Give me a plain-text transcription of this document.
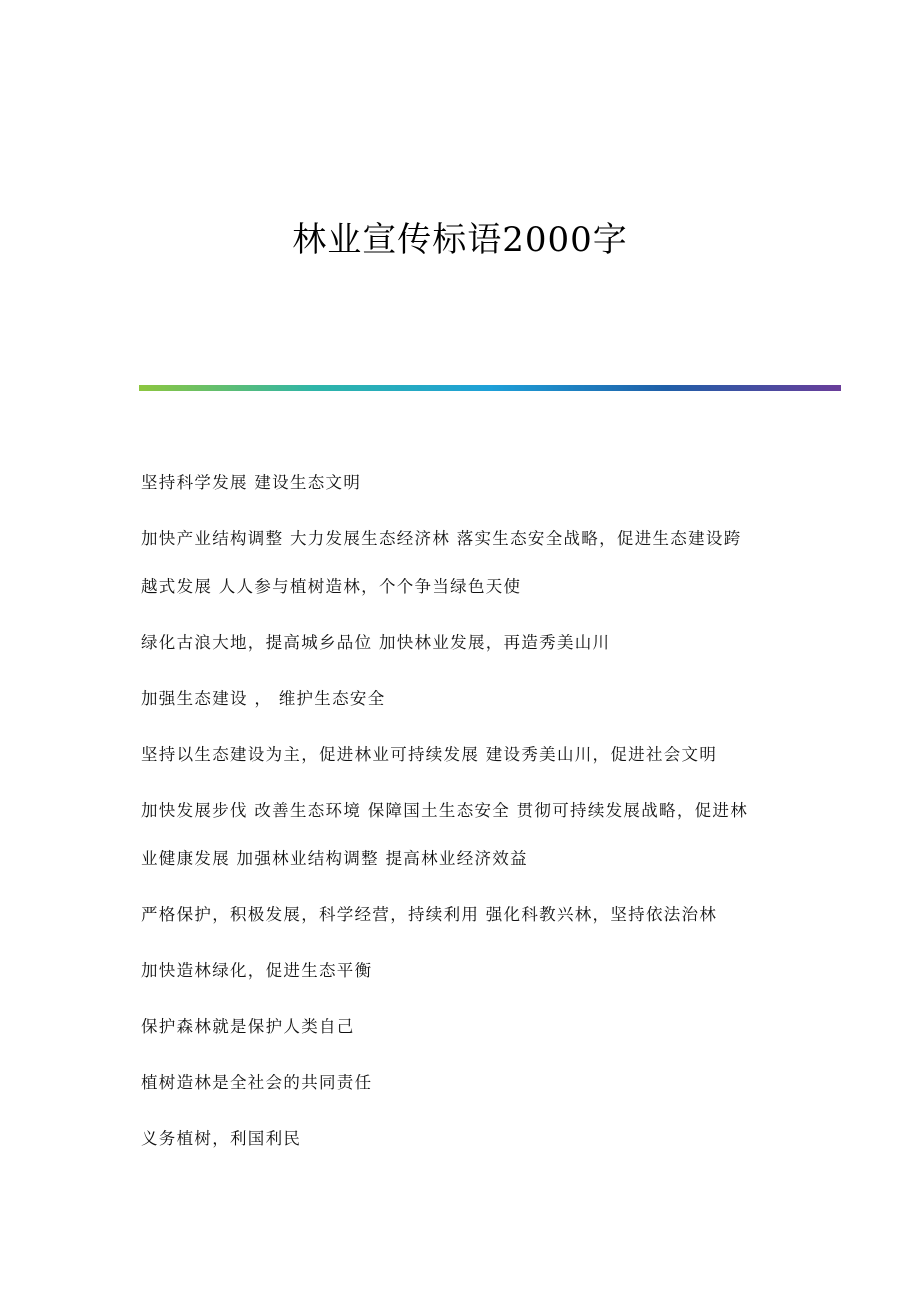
林业宣传标语2000字
坚持科学发展 建设生态文明
加快产业结构调整 大力发展生态经济林 落实生态安全战略，促进生态建设跨
越式发展 人人参与植树造林，个个争当绿色天使
绿化古浪大地，提高城乡品位 加快林业发展，再造秀美山川
加强生态建设 ， 维护生态安全
坚持以生态建设为主，促进林业可持续发展 建设秀美山川，促进社会文明
加快发展步伐 改善生态环境 保障国土生态安全 贯彻可持续发展战略，促进林
业健康发展 加强林业结构调整 提高林业经济效益
严格保护，积极发展，科学经营，持续利用 强化科教兴林，坚持依法治林
加快造林绿化，促进生态平衡
保护森林就是保护人类自己
植树造林是全社会的共同责任
义务植树，利国利民
